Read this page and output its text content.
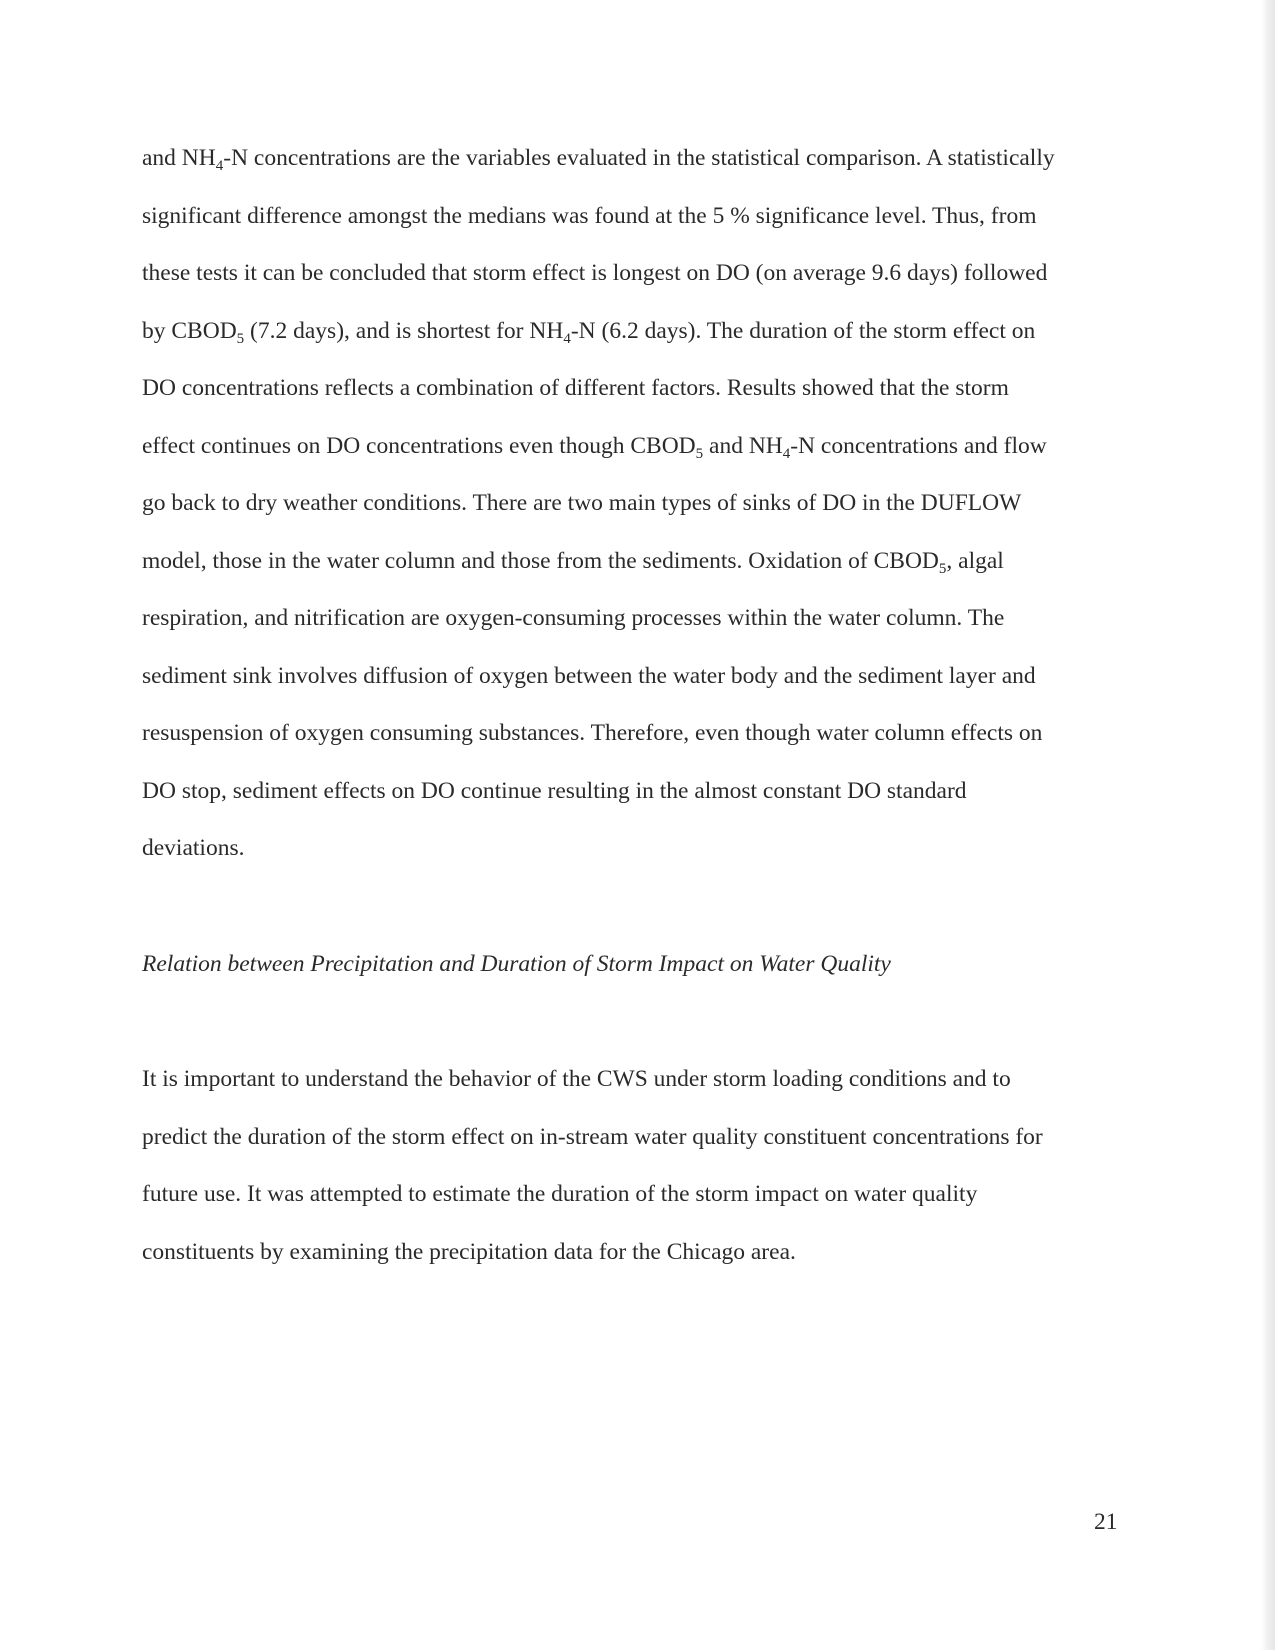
and $NH_4-N$ concentrations are the variables evaluated in the statistical comparison. A statistically
significant difference amongst the medians was found at the 5 % significance level. Thus, from
these tests it can be concluded that storm effect is longest on DO (on average 9.6 days) followed
by $CBOD_5$ (7.2 days), and is shortest for $NH_4-N$ (6.2 days). The duration of the storm effect on
DO concentrations reflects a combination of different factors. Results showed that the storm
effect continues on DO concentrations even though $CBOD_5$ and $NH_4-N$ concentrations and flow
go back to dry weather conditions. There are two main types of sinks of DO in the DUFLOW
model, those in the water column and those from the sediments. Oxidation of $CBOD_5$, algal
respiration, and nitrification are oxygen-consuming processes within the water column. The
sediment sink involves diffusion of oxygen between the water body and the sediment layer and
resuspension of oxygen consuming substances. Therefore, even though water column effects on
DO stop, sediment effects on DO continue resulting in the almost constant DO standard
deviations.
Relation between Precipitation and Duration of Storm Impact on Water Quality
It is important to understand the behavior of the CWS under storm loading conditions and to
predict the duration of the storm effect on in-stream water quality constituent concentrations for
future use. It was attempted to estimate the duration of the storm impact on water quality
constituents by examining the precipitation data for the Chicago area.
21
